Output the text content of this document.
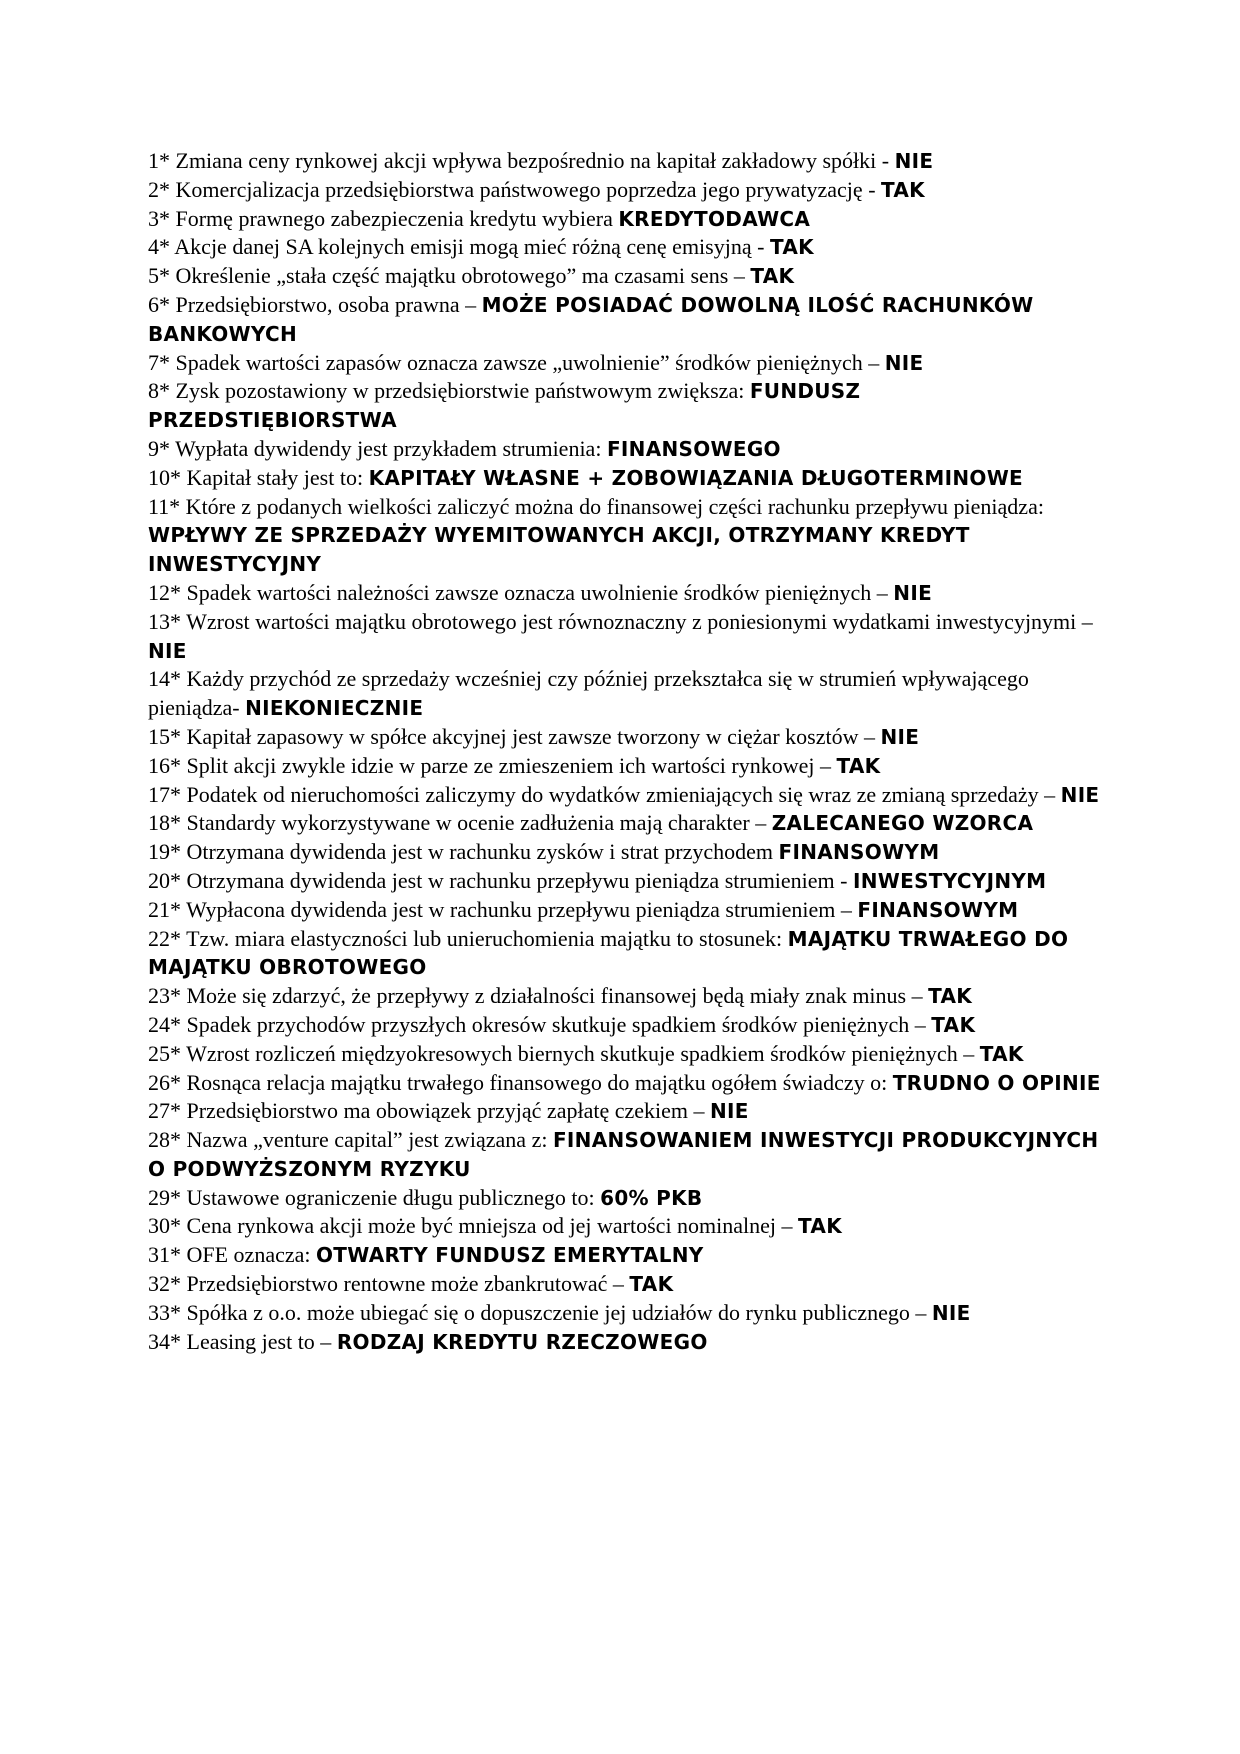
1* Zmiana ceny rynkowej akcji wpływa bezpośrednio na kapitał zakładowy spółki - NIE

2* Komercjalizacja przedsiębiorstwa państwowego poprzedza jego prywatyzację - TAK

3* Formę prawnego zabezpieczenia kredytu wybiera KREDYTODAWCA

4* Akcje danej SA kolejnych emisji mogą mieć różną cenę emisyjną - TAK

5* Określenie „stała część majątku obrotowego” ma czasami sens – TAK

6* Przedsiębiorstwo, osoba prawna – MOŻE POSIADAĆ DOWOLNĄ ILOŚĆ RACHUNKÓW BANKOWYCH

7* Spadek wartości zapasów oznacza zawsze „uwolnienie” środków pieniężnych – NIE

8* Zysk pozostawiony w przedsiębiorstwie państwowym zwiększa: FUNDUSZ PRZEDSTIĘBIORSTWA

9* Wypłata dywidendy jest przykładem strumienia: FINANSOWEGO

10* Kapitał stały jest to: KAPITAŁY WŁASNE + ZOBOWIĄZANIA DŁUGOTERMINOWE

11* Które z podanych wielkości zaliczyć można do finansowej części rachunku przepływu pieniądza: WPŁYWY ZE SPRZEDAŻY WYEMITOWANYCH AKCJI, OTRZYMANY KREDYT INWESTYCYJNY

12* Spadek wartości należności zawsze oznacza uwolnienie środków pieniężnych – NIE

13* Wzrost wartości majątku obrotowego jest równoznaczny z poniesionymi wydatkami inwestycyjnymi – NIE

14* Każdy przychód ze sprzedaży wcześniej czy później przekształca się w strumień wpływającego pieniądza- NIEKONIECZNIE

15* Kapitał zapasowy w spółce akcyjnej jest zawsze tworzony w ciężar kosztów – NIE

16* Split akcji zwykle idzie w parze ze zmieszeniem ich wartości rynkowej – TAK

17* Podatek od nieruchomości zaliczymy do wydatków zmieniających się wraz ze zmianą sprzedaży – NIE

18* Standardy wykorzystywane w ocenie zadłużenia mają charakter – ZALECANEGO WZORCA

19* Otrzymana dywidenda jest w rachunku zysków i strat przychodem FINANSOWYM

20* Otrzymana dywidenda jest w rachunku przepływu pieniądza strumieniem - INWESTYCYJNYM

21* Wypłacona dywidenda jest w rachunku przepływu pieniądza strumieniem – FINANSOWYM

22* Tzw. miara elastyczności lub unieruchomienia majątku to stosunek: MAJĄTKU TRWAŁEGO DO MAJĄTKU OBROTOWEGO

23* Może się zdarzyć, że przepływy z działalności finansowej będą miały znak minus – TAK

24* Spadek przychodów przyszłych okresów skutkuje spadkiem środków pieniężnych – TAK

25* Wzrost rozliczeń międzyokresowych biernych skutkuje spadkiem środków pieniężnych – TAK

26* Rosnąca relacja majątku trwałego finansowego do majątku ogółem świadczy o: TRUDNO O OPINIE

27* Przedsiębiorstwo ma obowiązek przyjąć zapłatę czekiem – NIE

28* Nazwa „venture capital” jest związana z: FINANSOWANIEM INWESTYCJI PRODUKCYJNYCH O PODWYŻSZONYM RYZYKU

29* Ustawowe ograniczenie długu publicznego to: 60% PKB

30* Cena rynkowa akcji może być mniejsza od jej wartości nominalnej – TAK

31* OFE oznacza: OTWARTY FUNDUSZ EMERYTALNY

32* Przedsiębiorstwo rentowne może zbankrutować – TAK

33* Spółka z o.o. może ubiegać się o dopuszczenie jej udziałów do rynku publicznego – NIE

34* Leasing jest to – RODZAJ KREDYTU RZECZOWEGO
